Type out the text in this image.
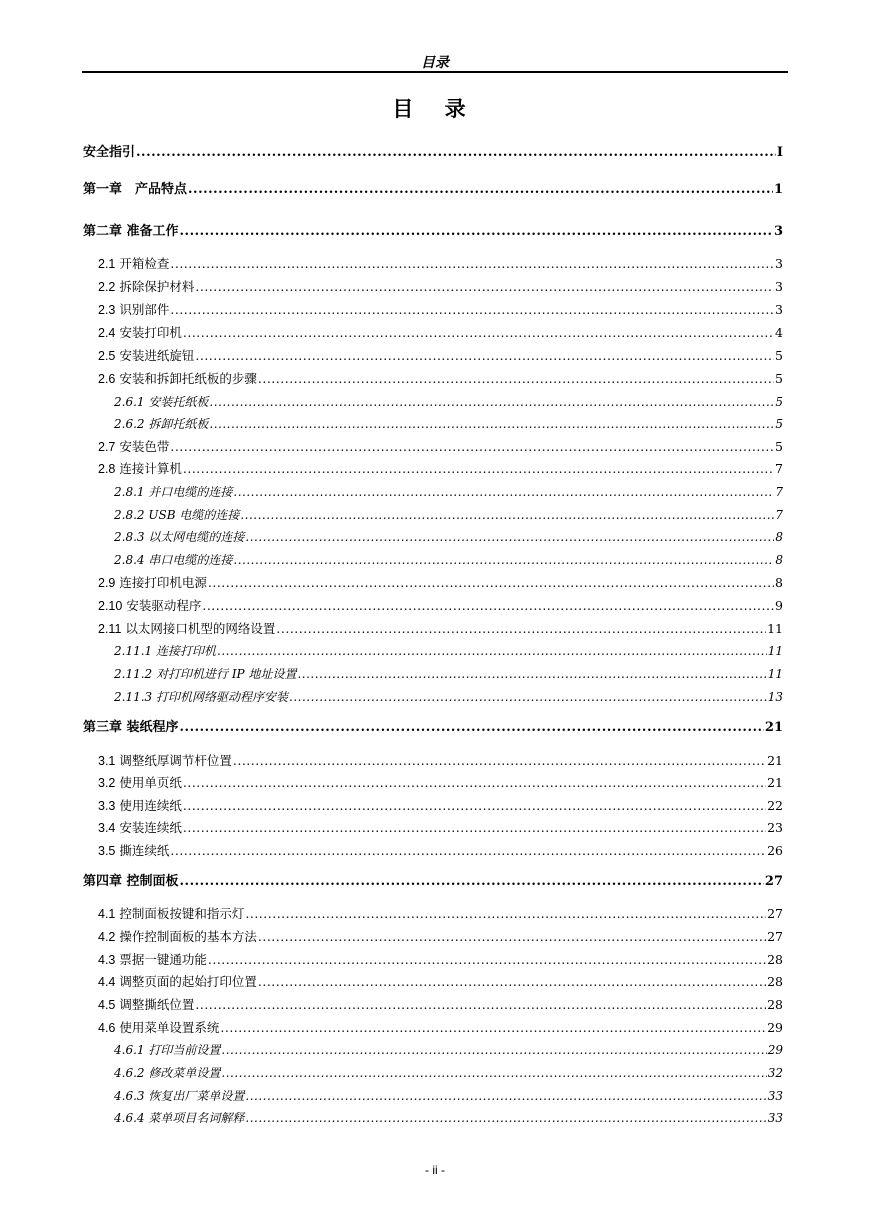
目录
目 录
安全指引 .....	I
第一章　产品特点 .....	1
第二章 准备工作 .....	3
2.1 开箱检查 .....	3
2.2 拆除保护材料 .....	3
2.3 识别部件 .....	3
2.4 安装打印机 .....	4
2.5 安装进纸旋钮 .....	5
2.6 安装和拆卸托纸板的步骤 .....	5
2.6.1 安装托纸板 .....	5
2.6.2 拆卸托纸板 .....	5
2.7 安装色带 .....	5
2.8 连接计算机 .....	7
2.8.1 并口电缆的连接 .....	7
2.8.2 USB 电缆的连接 .....	7
2.8.3 以太网电缆的连接 .....	8
2.8.4 串口电缆的连接 .....	8
2.9 连接打印机电源 .....	8
2.10 安装驱动程序 .....	9
2.11 以太网接口机型的网络设置 .....	11
2.11.1 连接打印机 .....	11
2.11.2 对打印机进行 IP 地址设置 .....	11
2.11.3 打印机网络驱动程序安装 .....	13
第三章 装纸程序 .....	21
3.1 调整纸厚调节杆位置 .....	21
3.2 使用单页纸 .....	21
3.3 使用连续纸 .....	22
3.4 安装连续纸 .....	23
3.5 撕连续纸 .....	26
第四章 控制面板 .....	27
4.1 控制面板按键和指示灯 .....	27
4.2 操作控制面板的基本方法 .....	27
4.3 票据一键通功能 .....	28
4.4 调整页面的起始打印位置 .....	28
4.5 调整撕纸位置 .....	28
4.6 使用菜单设置系统 .....	29
4.6.1 打印当前设置 .....	29
4.6.2 修改菜单设置 .....	32
4.6.3 恢复出厂菜单设置 .....	33
4.6.4 菜单项目名词解释 .....	33
- ii -
